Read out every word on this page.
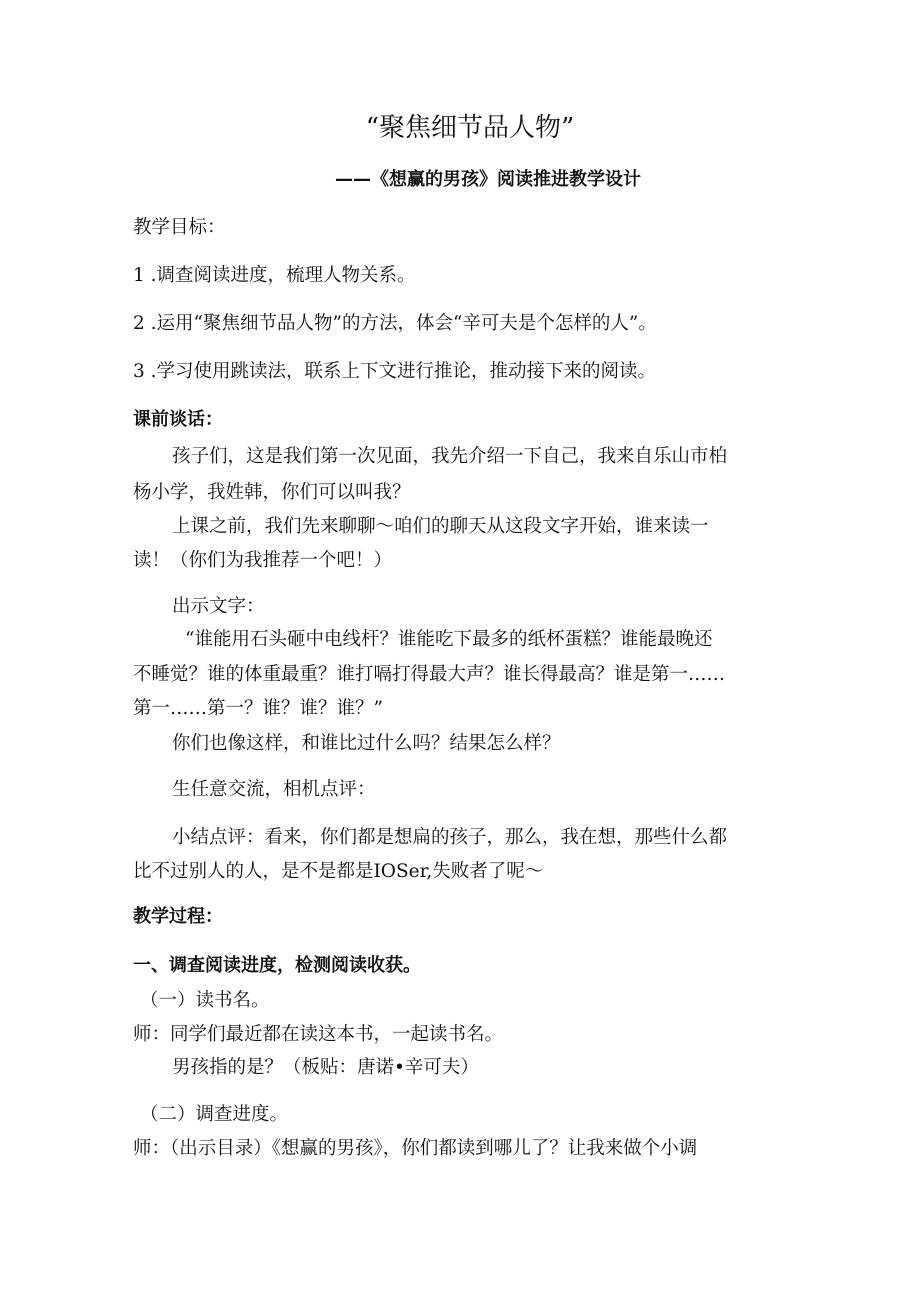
“聚焦细节品人物”
——《想赢的男孩》阅读推进教学设计
教学目标：
1 .调查阅读进度，梳理人物关系。
2 .运用“聚焦细节品人物”的方法，体会“辛可夫是个怎样的人”。
3 .学习使用跳读法，联系上下文进行推论，推动接下来的阅读。
课前谈话：
孩子们，这是我们第一次见面，我先介绍一下自己，我来自乐山市柏
杨小学，我姓韩，你们可以叫我？
上课之前，我们先来聊聊～咱们的聊天从这段文字开始，谁来读一
读！（你们为我推荐一个吧！）
出示文字：
“谁能用石头砸中电线杆？谁能吃下最多的纸杯蛋糕？谁能最晚还
不睡觉？谁的体重最重？谁打嗝打得最大声？谁长得最高？谁是第一……
第一……第一？谁？谁？谁？”
你们也像这样，和谁比过什么吗？结果怎么样？
生任意交流，相机点评：
小结点评：看来，你们都是想扁的孩子，那么，我在想，那些什么都
比不过别人的人，是不是都是IOSer,失败者了呢～
教学过程：
一、调查阅读进度，检测阅读收获。
（一）读书名。
师：同学们最近都在读这本书，一起读书名。
男孩指的是？（板贴：唐诺•辛可夫）
（二）调查进度。
师：（出示目录）《想赢的男孩》，你们都读到哪儿了？让我来做个小调
